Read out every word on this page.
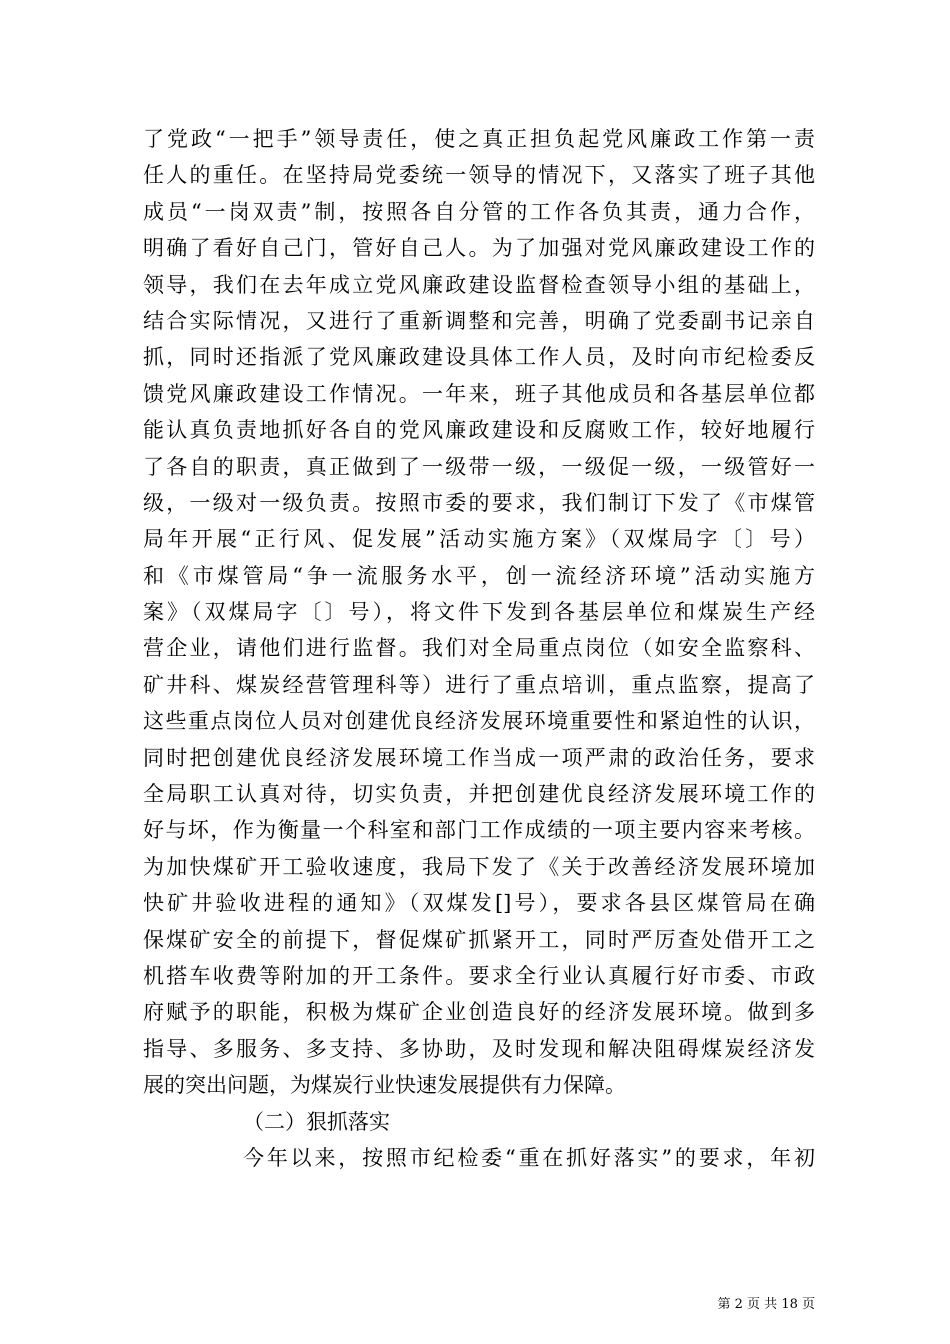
了党政“一把手”领导责任，使之真正担负起党风廉政工作第一责
任人的重任。在坚持局党委统一领导的情况下，又落实了班子其他
成员“一岗双责”制，按照各自分管的工作各负其责，通力合作，
明确了看好自己门，管好自己人。为了加强对党风廉政建设工作的
领导，我们在去年成立党风廉政建设监督检查领导小组的基础上，
结合实际情况，又进行了重新调整和完善，明确了党委副书记亲自
抓，同时还指派了党风廉政建设具体工作人员，及时向市纪检委反
馈党风廉政建设工作情况。一年来，班子其他成员和各基层单位都
能认真负责地抓好各自的党风廉政建设和反腐败工作，较好地履行
了各自的职责，真正做到了一级带一级，一级促一级，一级管好一
级，一级对一级负责。按照市委的要求，我们制订下发了《市煤管
局年开展“正行风、促发展”活动实施方案》（双煤局字〔〕号）
和《市煤管局“争一流服务水平，创一流经济环境”活动实施方
案》（双煤局字〔〕号），将文件下发到各基层单位和煤炭生产经
营企业，请他们进行监督。我们对全局重点岗位（如安全监察科、
矿井科、煤炭经营管理科等）进行了重点培训，重点监察，提高了
这些重点岗位人员对创建优良经济发展环境重要性和紧迫性的认识，
同时把创建优良经济发展环境工作当成一项严肃的政治任务，要求
全局职工认真对待，切实负责，并把创建优良经济发展环境工作的
好与坏，作为衡量一个科室和部门工作成绩的一项主要内容来考核。
为加快煤矿开工验收速度，我局下发了《关于改善经济发展环境加
快矿井验收进程的通知》（双煤发[]号），要求各县区煤管局在确
保煤矿安全的前提下，督促煤矿抓紧开工，同时严厉查处借开工之
机搭车收费等附加的开工条件。要求全行业认真履行好市委、市政
府赋予的职能，积极为煤矿企业创造良好的经济发展环境。做到多
指导、多服务、多支持、多协助，及时发现和解决阻碍煤炭经济发
展的突出问题，为煤炭行业快速发展提供有力保障。
（二）狠抓落实
今年以来，按照市纪检委“重在抓好落实”的要求，年初
第 2 页 共 18 页
